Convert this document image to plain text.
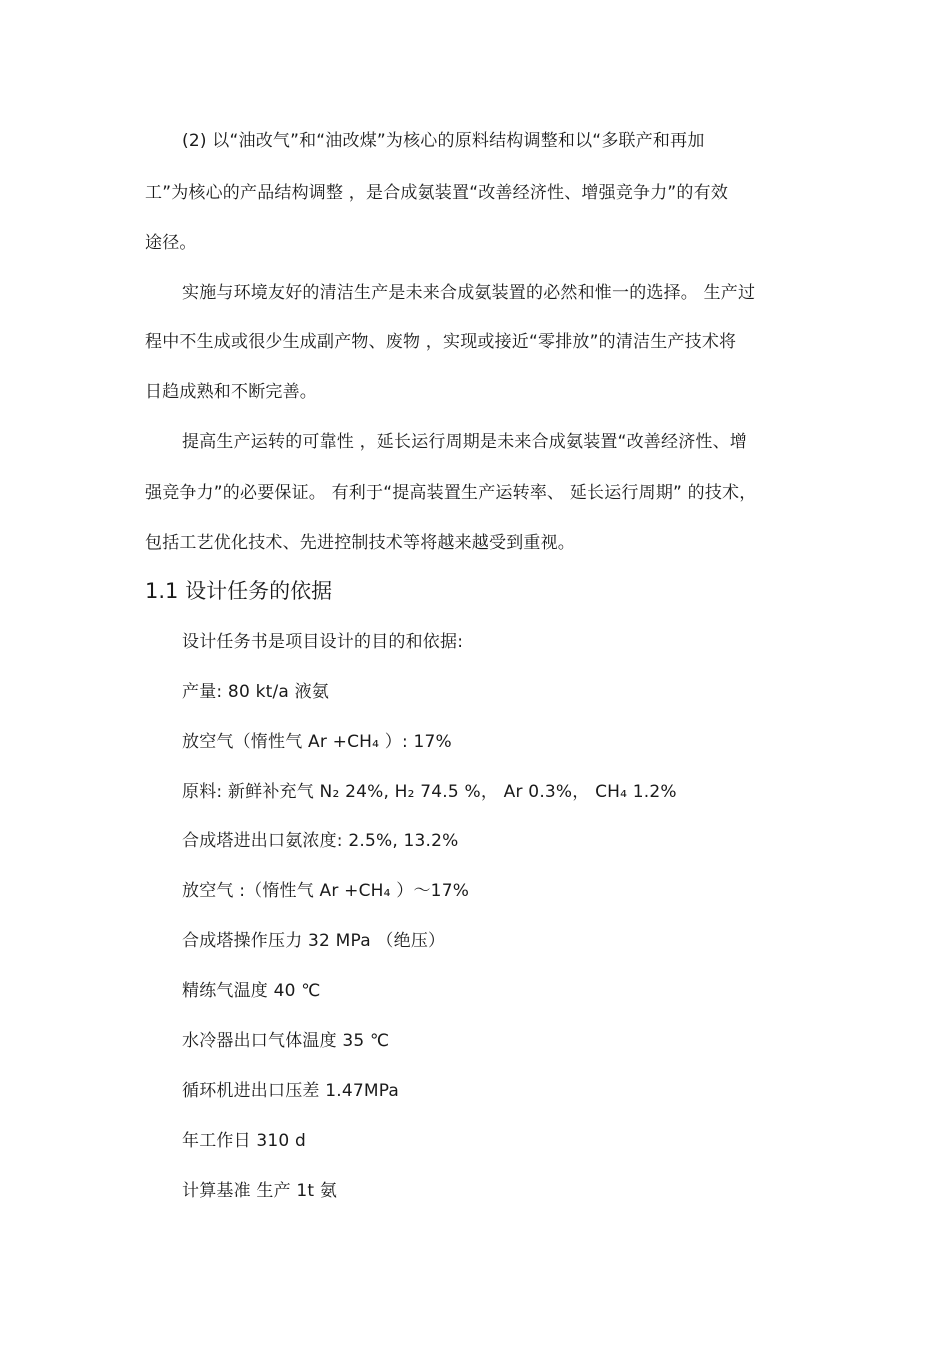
(2) 以“油改气”和“油改煤”为核心的原料结构调整和以“多联产和再加
工”为核心的产品结构调整 ，是合成氨装置“改善经济性、增强竞争力”的有效
途径。
实施与环境友好的清洁生产是未来合成氨装置的必然和惟一的选择。 生产过
程中不生成或很少生成副产物、废物 ，实现或接近“零排放”的清洁生产技术将
日趋成熟和不断完善。
提高生产运转的可靠性 ，延长运行周期是未来合成氨装置“改善经济性、增
强竞争力”的必要保证。 有利于“提高装置生产运转率、 延长运行周期” 的技术，
包括工艺优化技术、先进控制技术等将越来越受到重视。
1.1 设计任务的依据
设计任务书是项目设计的目的和依据:
产量: 80 kt/a 液氨
放空气（惰性气 Ar +CH₄ ）: 17%
原料: 新鲜补充气 N₂ 24%, H₂ 74.5 %， Ar 0.3%， CH₄ 1.2%
合成塔进出口氨浓度: 2.5%, 13.2%
放空气 :（惰性气 Ar +CH₄ ）～17%
合成塔操作压力 32 MPa （绝压）
精练气温度 40 ℃
水冷器出口气体温度 35 ℃
循环机进出口压差 1.47MPa
年工作日 310 d
计算基准 生产 1t 氨
